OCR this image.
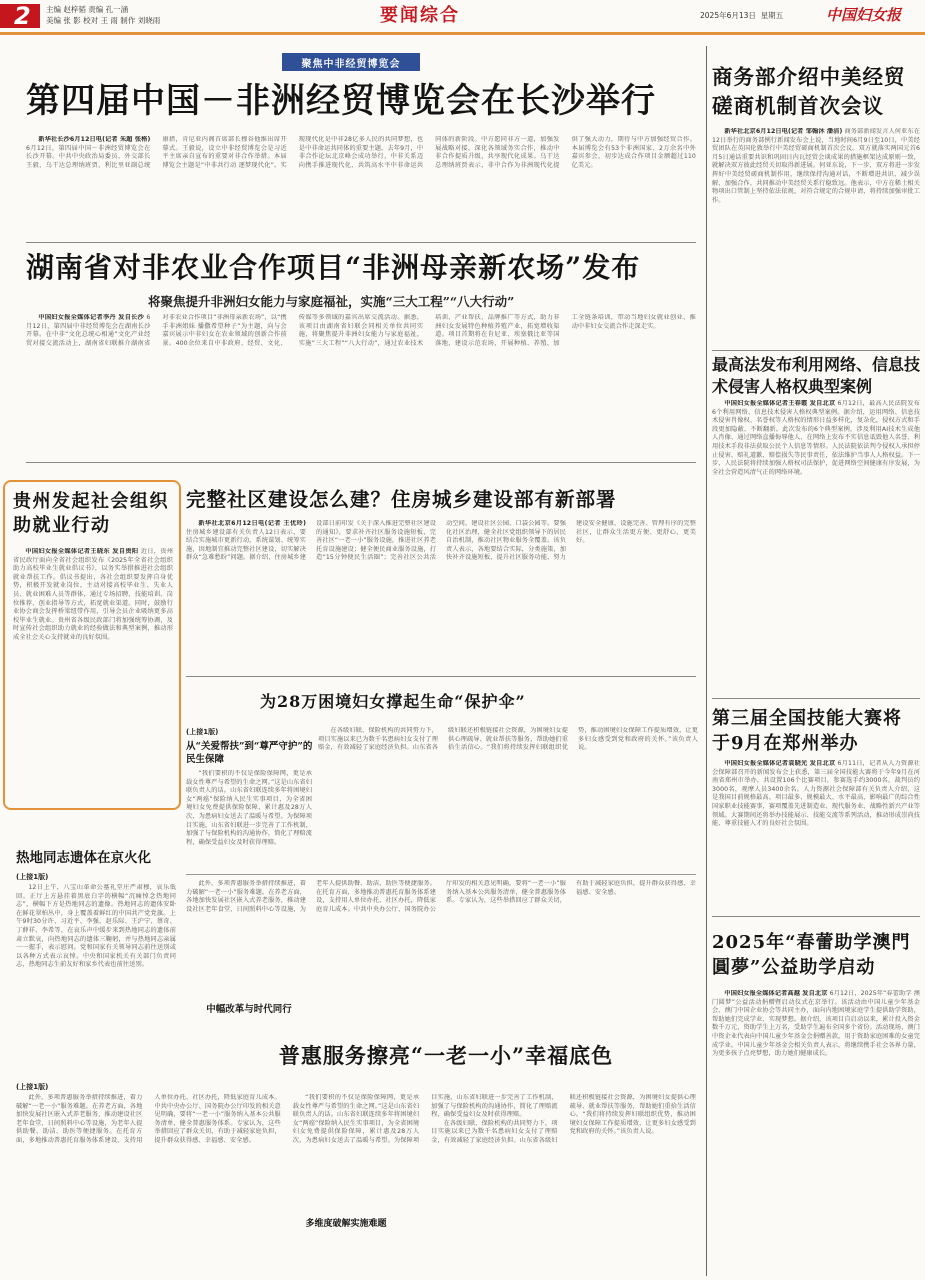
2 主编 赵梓韬 责编 孔一涵
美编 张 影 校对 王 雨 制作 刘晓雨	要闻综合	2025年6月13日 星期五	中国妇女报
聚焦中非经贸博览会
第四届中国－非洲经贸博览会在长沙举行

新华社长沙6月12日电(记者 朱超 张格) 6月12日，第四届中国－非洲经贸博览会在长沙开幕。中共中央政治局委员、外交部长王毅，乌干达总理纳班贾，利比里亚副总统康措，肯尼亚内阁首席部长穆谷他维出席开幕式。王毅说，设立中非经贸博览会是习近平主席亲自宣布的重要对非合作举措。本届博览会主题是“中非共行动 逐梦现代化”。实现现代化是中非28亿多人民的共同梦想，也是中非命运共同体的重要主题。去年9月，中非合作论坛北京峰会成功举行，中非关系迈向携手推进现代化、共筑高水平中非命运共同体的新阶段。中方愿同非方一道，加强发展战略对接，深化各领域务实合作，推动中非合作提质升级、共享现代化成果。乌干达总理纳班贾表示，非中合作为非洲现代化提供了强大动力，期待与中方加强经贸合作。本届博览会有53个非洲国家、2万余名中外嘉宾参会，初步达成合作项目金额超过110亿美元。

湖南省对非农业合作项目“非洲母亲新农场”发布
将聚焦提升非洲妇女能力与家庭福祉，实施“三大工程”“八大行动”

中国妇女报全媒体记者李丹 发自长沙 6月12日，第四届中非经贸博览会在湖南长沙开幕。在中非“文化总统心相通”文化产业经贸对接交流活动上，湖南省妇联推介湖南省对非农业合作项目“非洲母亲新农场”，以“携手非洲姐妹 播撒希望种子”为主题，向与会嘉宾展示中非妇女在农业领域的创新合作前景。400余位来自中非政府、经贸、文化、传媒等多领域的嘉宾出席交流活动。据悉，该项目由湖南省妇联会同相关单位共同实施，将聚焦提升非洲妇女能力与家庭福祉，实施“三大工程”“八大行动”，通过农业技术培训、产业帮扶、品牌推广等方式，助力非洲妇女发展特色种植养殖产业，拓宽增收渠道。项目首期将在肯尼亚、埃塞俄比亚等国落地，建设示范农场，开展种植、养殖、加工全链条培训，带动当地妇女就业创业，推动中非妇女交流合作走深走实。

贵州发起社会组织助就业行动

中国妇女报全媒体记者王晓东 发自贵阳 近日，贵州省民政厅面向全省社会组织发布《2025年全省社会组织助力高校毕业生就业倡议书》，以务实举措推进社会组织就业帮扶工作。倡议书提出，各社会组织要发挥自身优势，积极开发就业岗位，主动对接高校毕业生、失业人员、就业困难人员等群体，通过专场招聘、技能培训、岗位推荐、创业指导等方式，拓宽就业渠道。同时，鼓励行业协会商会发挥桥梁纽带作用，引导会员企业吸纳更多高校毕业生就业。贵州省各级民政部门将加强统筹协调，及时宣传社会组织助力就业的经验做法和典型案例，推动形成全社会关心支持就业的良好氛围。

完整社区建设怎么建？住房城乡建设部有新部署

新华社北京6月12日电(记者 王优玲) 住房城乡建设部有关负责人12日表示，要结合实施城市更新行动，系统谋划、统筹实施，因地制宜推动完整社区建设，切实解决群众“急难愁盼”问题。据介绍，住房城乡建设部日前印发《关于深入推进完整社区建设的通知》，要求补齐社区服务设施短板，完善社区“一老一小”服务设施，推进社区养老托育设施建设；健全便民商业服务设施，打造“15分钟便民生活圈”；完善社区公共活动空间，建设社区公园、口袋公园等。要强化社区治理，健全社区党组织领导下的居民自治机制，推动社区物业服务全覆盖。该负责人表示，各地要结合实际，分类施策，加快补齐设施短板，提升社区服务功能，努力建设安全健康、设施完善、管理有序的完整社区，让群众生活更方便、更舒心、更美好。

为28万困境妇女撑起生命“保护伞”
(上接1版)
从“关爱帮扶”到“尊严守护”的民生保障

“我们要积的不仅是保险保障网，更是承载女性尊严与希望的生命之网。”这是山东省妇联负责人的话。山东省妇联连续多年将困境妇女“两癌”保险纳入民生实事项目，为全省困境妇女免费提供保险保障，累计惠及28万人次，为患病妇女送去了温暖与希望。为保障项目实施，山东省妇联进一步完善了工作机制，加强了与保险机构的沟通协作，简化了理赔流程，确保受益妇女及时获得理赔。

在各级妇联、保险机构的共同努力下，项目实施以来已为数千名患病妇女支付了理赔金，有效减轻了家庭经济负担。山东省各级妇联还积极链接社会资源，为困境妇女提供心理疏导、就业帮扶等服务，帮助她们重拾生活信心。“我们将持续发挥妇联组织优势，推动困境妇女保障工作提质增效，让更多妇女感受到党和政府的关怀。”该负责人说。

热地同志遗体在京火化
(上接1版)

12日上午，八宝山革命公墓礼堂庄严肃穆，哀乐低回。正厅上方悬挂着黑底白字的横幅“沉痛悼念热地同志”，横幅下方是热地同志的遗像。热地同志的遗体安卧在鲜花翠柏丛中，身上覆盖着鲜红的中国共产党党旗。上午9时30分许，习近平、李强、赵乐际、王沪宁、蔡奇、丁薛祥、李希等，在哀乐声中缓步来到热地同志的遗体前肃立默哀，向热地同志的遗体三鞠躬，并与热地同志亲属一一握手，表示慰问。党和国家有关领导同志前往送别或以各种方式表示哀悼。中央和国家机关有关部门负责同志，热地同志生前友好和家乡代表也前往送别。

此外，多项普惠服务举措持续推进，着力破解“一老一小”服务难题。在养老方面，各地加快发展社区嵌入式养老服务，推动建设社区老年食堂、日间照料中心等设施，为老年人提供助餐、助洁、助医等便捷服务。在托育方面，多地推动普惠托育服务体系建设，支持用人单位办托、社区办托，降低家庭育儿成本。中共中央办公厅、国务院办公厅印发的相关意见明确，要将“一老一小”服务纳入基本公共服务清单，健全普惠服务体系。专家认为，这些举措回应了群众关切，有助于减轻家庭负担，提升群众获得感、幸福感、安全感。

中幅改革与时代同行
普惠服务擦亮“一老一小”幸福底色
(上接1版)

此外，多项普惠服务举措持续推进，着力破解“一老一小”服务难题。在养老方面，各地加快发展社区嵌入式养老服务，推动建设社区老年食堂、日间照料中心等设施，为老年人提供助餐、助洁、助医等便捷服务。在托育方面，多地推动普惠托育服务体系建设，支持用人单位办托、社区办托，降低家庭育儿成本。中共中央办公厅、国务院办公厅印发的相关意见明确，要将“一老一小”服务纳入基本公共服务清单，健全普惠服务体系。专家认为，这些举措回应了群众关切，有助于减轻家庭负担，提升群众获得感、幸福感、安全感。

“我们要积的不仅是保险保障网，更是承载女性尊严与希望的生命之网。”这是山东省妇联负责人的话。山东省妇联连续多年将困境妇女“两癌”保险纳入民生实事项目，为全省困境妇女免费提供保险保障，累计惠及28万人次，为患病妇女送去了温暖与希望。为保障项目实施，山东省妇联进一步完善了工作机制，加强了与保险机构的沟通协作，简化了理赔流程，确保受益妇女及时获得理赔。

在各级妇联、保险机构的共同努力下，项目实施以来已为数千名患病妇女支付了理赔金，有效减轻了家庭经济负担。山东省各级妇联还积极链接社会资源，为困境妇女提供心理疏导、就业帮扶等服务，帮助她们重拾生活信心。“我们将持续发挥妇联组织优势，推动困境妇女保障工作提质增效，让更多妇女感受到党和政府的关怀。”该负责人说。

多维度破解实施难题
商务部介绍中美经贸磋商机制首次会议

新华社北京6月12日电(记者 邹翰沐 潘洁) 商务部新闻发言人何亚东在12日举行的商务部例行新闻发布会上说，当地时间6月9日至10日，中美经贸团队在英国伦敦举行中美经贸磋商机制首次会议。双方就落实两国元首6月5日通话重要共识和巩固日内瓦经贸会谈成果的措施框架达成原则一致，就解决双方彼此经贸关切取得新进展。何亚东说，下一步，双方将进一步发挥好中美经贸磋商机制作用，继续保持沟通对话，不断增进共识、减少误解、加强合作，共同推动中美经贸关系行稳致远。他表示，中方在稀土相关物项出口管制上坚持依法依规，对符合规定的合规申请，将持续加强审批工作。

最高法发布利用网络、信息技术侵害人格权典型案例

中国妇女报全媒体记者王春霞 发自北京 6月12日，最高人民法院发布6个利用网络、信息技术侵害人格权典型案例。据介绍，运用网络、信息技术侵害肖像权、名誉权等人格权的情形日益多样化，复杂化，侵权方式和手段更加隐蔽、不断翻新。此次发布的6个典型案例，涉及利用AI技术生成他人肖像、通过网络直播侮辱他人、在网络上发布不实信息诋毁他人名誉、利用技术手段非法获取公民个人信息等情形。人民法院依法判令侵权人承担停止侵害、赔礼道歉、赔偿损失等民事责任，依法维护当事人人格权益。下一步，人民法院将持续加强人格权司法保护，促进网络空间健康有序发展，为全社会营造风清气正的网络环境。

第三届全国技能大赛将于9月在郑州举办

中国妇女报全媒体记者袁晓光 发自北京 6月11日，记者从人力资源社会保障部召开的新闻发布会上获悉，第三届全国技能大赛将于今年9月在河南省郑州市举办，共设置106个比赛项目，参赛选手约3000名，裁判员约3000名，观摩人员3400余名。人力资源社会保障部有关负责人介绍，这是我国目前规格最高、项目最多、规模最大、水平最高、影响最广的综合性国家职业技能赛事，赛项覆盖先进制造业、现代服务业、战略性新兴产业等领域。大赛期间还将举办技能展示、技能交流等系列活动，推动形成崇尚技能、尊重技能人才的良好社会氛围。

2025年“春蕾助学澳門圓夢”公益助学启动

中国妇女报全媒体记者高越 发自北京 6月12日，2025年“春蕾助学 澳门圆梦”公益活动捐赠暨启动仪式在京举行。该活动由中国儿童少年基金会、澳门中国企业协会等共同主办，面向内地困境家庭学生提供助学资助，帮助她们完成学业、实现梦想。据介绍，该项目自启动以来，累计投入资金数千万元，资助学生上万名，受助学生遍布全国多个省份。活动现场，澳门中资企业代表向中国儿童少年基金会捐赠善款，用于资助家庭困难的女童完成学业。中国儿童少年基金会相关负责人表示，将继续携手社会各界力量，为更多孩子点亮梦想，助力她们健康成长。
